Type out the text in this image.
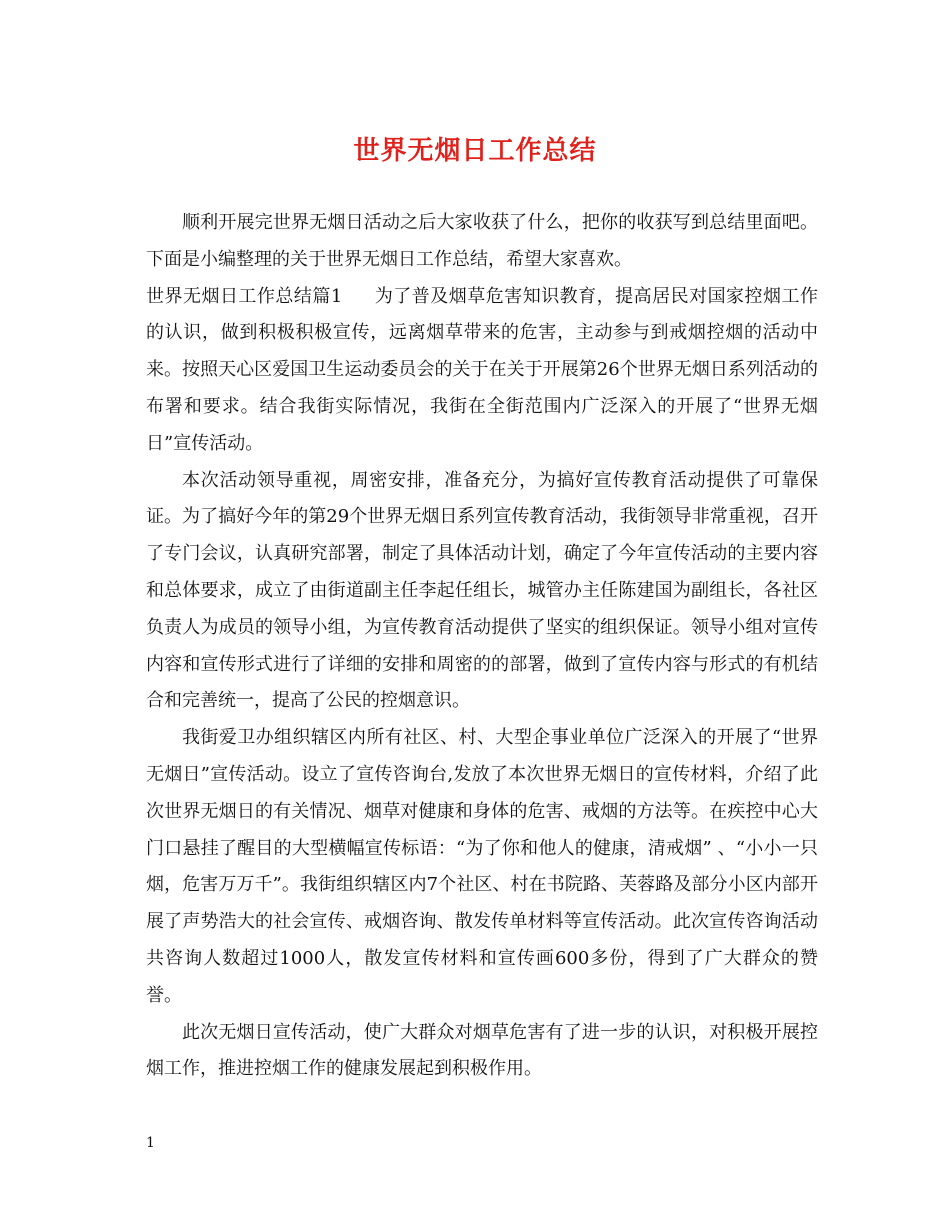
世界无烟日工作总结

顺利开展完世界无烟日活动之后大家收获了什么，把你的收获写到总结里面吧。下面是小编整理的关于世界无烟日工作总结，希望大家喜欢。

世界无烟日工作总结篇1 为了普及烟草危害知识教育，提高居民对国家控烟工作的认识，做到积极积极宣传，远离烟草带来的危害，主动参与到戒烟控烟的活动中来。按照天心区爱国卫生运动委员会的关于在关于开展第26个世界无烟日系列活动的布署和要求。结合我街实际情况，我街在全街范围内广泛深入的开展了“世界无烟日”宣传活动。

本次活动领导重视，周密安排，准备充分，为搞好宣传教育活动提供了可靠保证。为了搞好今年的第29个世界无烟日系列宣传教育活动，我街领导非常重视，召开了专门会议，认真研究部署，制定了具体活动计划，确定了今年宣传活动的主要内容和总体要求，成立了由街道副主任李起任组长，城管办主任陈建国为副组长，各社区负责人为成员的领导小组，为宣传教育活动提供了坚实的组织保证。领导小组对宣传内容和宣传形式进行了详细的安排和周密的的部署，做到了宣传内容与形式的有机结合和完善统一，提高了公民的控烟意识。

我街爱卫办组织辖区内所有社区、村、大型企事业单位广泛深入的开展了“世界无烟日”宣传活动。设立了宣传咨询台,发放了本次世界无烟日的宣传材料，介绍了此次世界无烟日的有关情况、烟草对健康和身体的危害、戒烟的方法等。在疾控中心大门口悬挂了醒目的大型横幅宣传标语：“为了你和他人的健康，清戒烟” 、“小小一只烟，危害万万千”。我街组织辖区内7个社区、村在书院路、芙蓉路及部分小区内部开展了声势浩大的社会宣传、戒烟咨询、散发传单材料等宣传活动。此次宣传咨询活动共咨询人数超过1000人，散发宣传材料和宣传画600多份，得到了广大群众的赞誉。

此次无烟日宣传活动，使广大群众对烟草危害有了进一步的认识，对积极开展控烟工作，推进控烟工作的健康发展起到积极作用。

1
